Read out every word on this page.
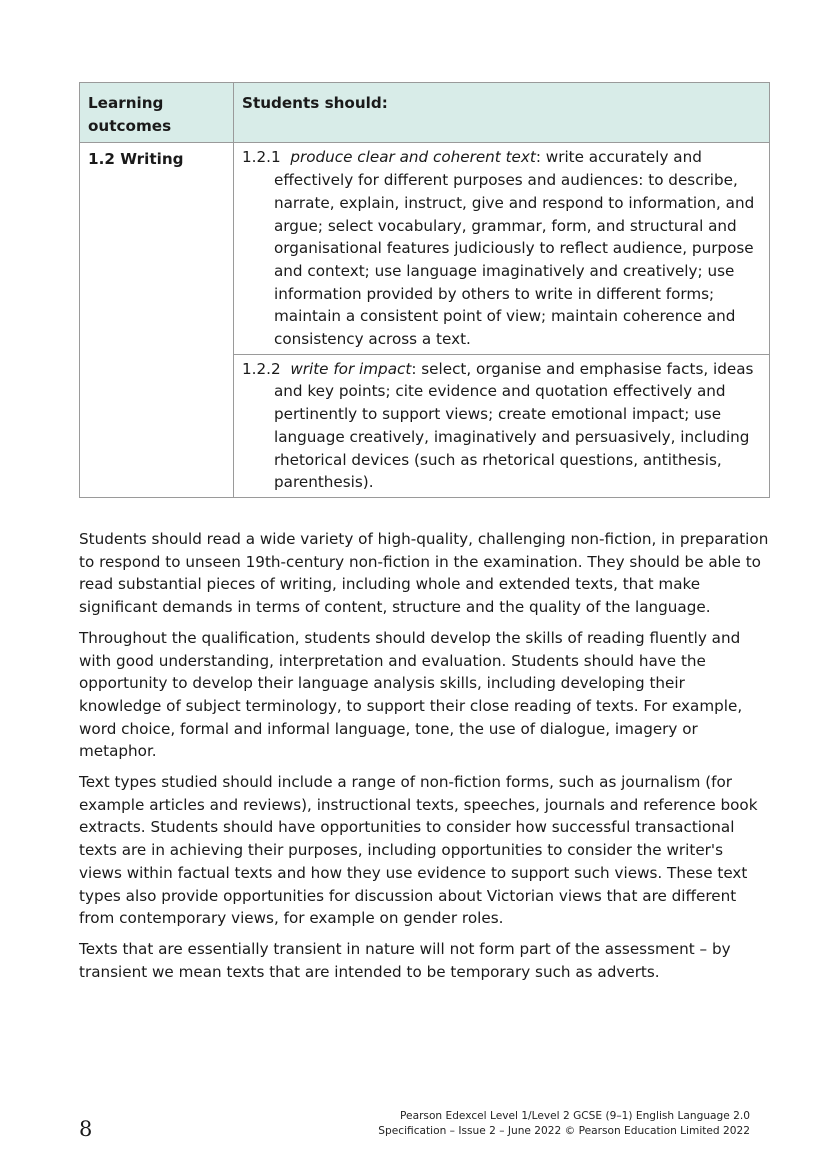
Learning outcomes	Students should:
1.2 Writing	1.2.1 produce clear and coherent text: write accurately and effectively for different purposes and audiences: to describe, narrate, explain, instruct, give and respond to information, and argue; select vocabulary, grammar, form, and structural and organisational features judiciously to reflect audience, purpose and context; use language imaginatively and creatively; use information provided by others to write in different forms; maintain a consistent point of view; maintain coherence and consistency across a text.

	1.2.2 write for impact: select, organise and emphasise facts, ideas and key points; cite evidence and quotation effectively and pertinently to support views; create emotional impact; use language creatively, imaginatively and persuasively, including rhetorical devices (such as rhetorical questions, antithesis, parenthesis).

Students should read a wide variety of high-quality, challenging non-fiction, in preparation to respond to unseen 19th-century non-fiction in the examination. They should be able to read substantial pieces of writing, including whole and extended texts, that make significant demands in terms of content, structure and the quality of the language.

Throughout the qualification, students should develop the skills of reading fluently and with good understanding, interpretation and evaluation. Students should have the opportunity to develop their language analysis skills, including developing their knowledge of subject terminology, to support their close reading of texts. For example, word choice, formal and informal language, tone, the use of dialogue, imagery or metaphor.

Text types studied should include a range of non-fiction forms, such as journalism (for example articles and reviews), instructional texts, speeches, journals and reference book extracts. Students should have opportunities to consider how successful transactional texts are in achieving their purposes, including opportunities to consider the writer's views within factual texts and how they use evidence to support such views. These text types also provide opportunities for discussion about Victorian views that are different from contemporary views, for example on gender roles.

Texts that are essentially transient in nature will not form part of the assessment – by transient we mean texts that are intended to be temporary such as adverts.

8
Pearson Edexcel Level 1/Level 2 GCSE (9–1) English Language 2.0
Specification – Issue 2 – June 2022 © Pearson Education Limited 2022
